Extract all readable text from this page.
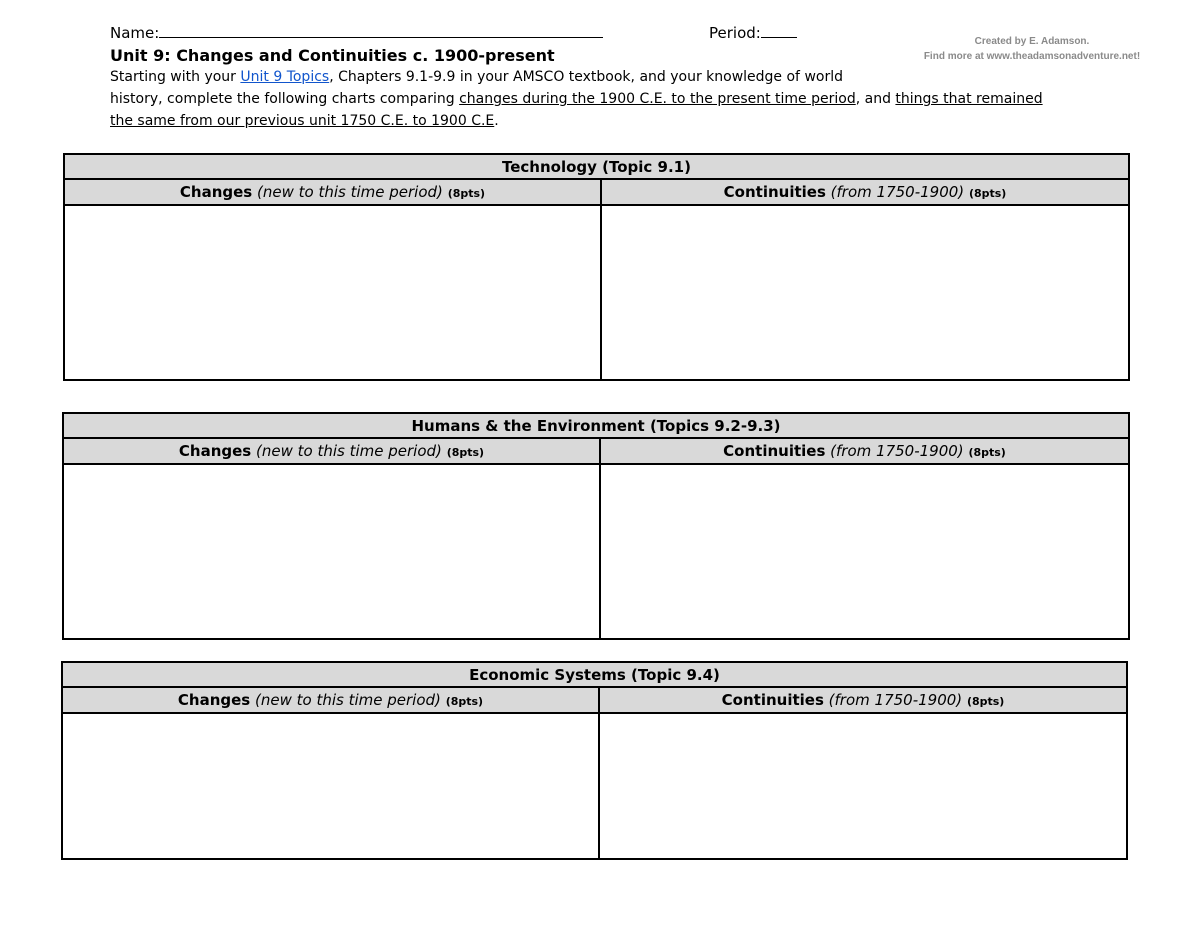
Name:	Period:	Created by E. Adamson.
Find more at www.theadamsonadventure.net!
Unit 9: Changes and Continuities c. 1900-present
Starting with your Unit 9 Topics, Chapters 9.1-9.9 in your AMSCO textbook, and your knowledge of world
history, complete the following charts comparing changes during the 1900 C.E. to the present time period, and things that remained
the same from our previous unit 1750 C.E. to 1900 C.E.
Technology (Topic 9.1)
Changes (new to this time period) (8pts)	Continuities (from 1750-1900) (8pts)
Humans & the Environment (Topics 9.2-9.3)
Changes (new to this time period) (8pts)	Continuities (from 1750-1900) (8pts)
Economic Systems (Topic 9.4)
Changes (new to this time period) (8pts)	Continuities (from 1750-1900) (8pts)
